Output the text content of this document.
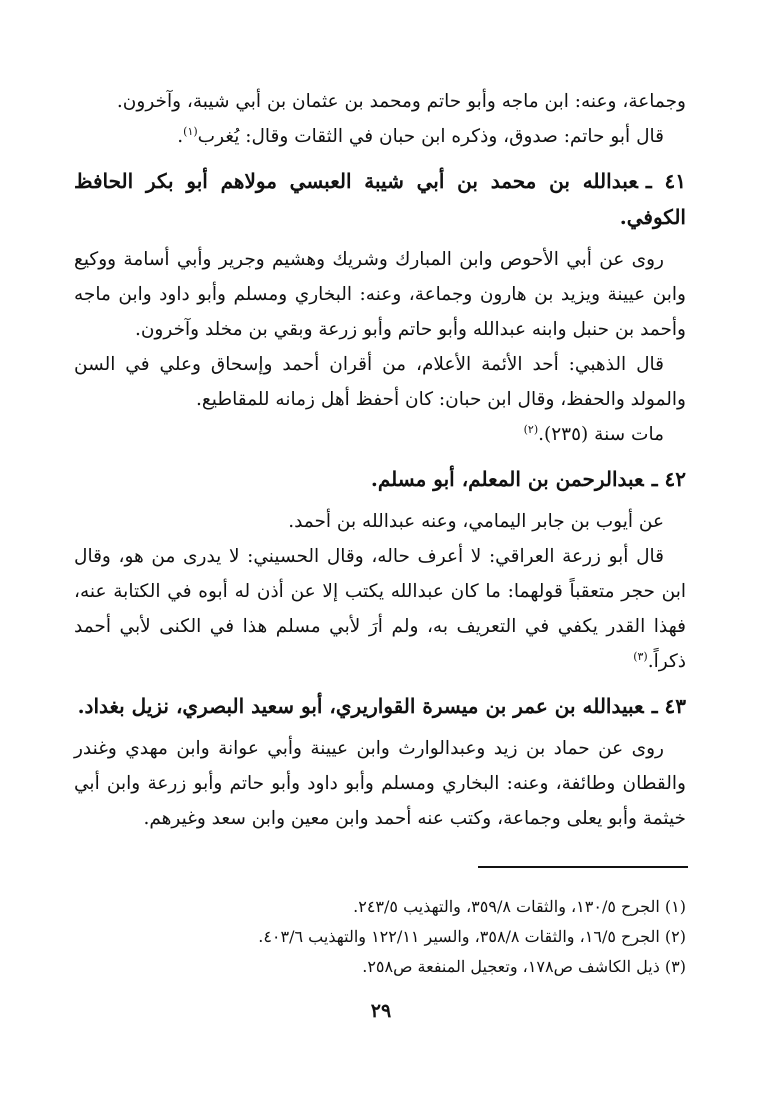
وجماعة، وعنه: ابن ماجه وأبو حاتم ومحمد بن عثمان بن أبي شيبة، وآخرون.

قال أبو حاتم: صدوق، وذكره ابن حبان في الثقات وقال: يُغرب$^{(١)}$.

٤١ ـعبدالله بن محمد بن أبي شيبة العبسي مولاهم أبو بكر الحافظ الكوفي.

روى عن أبي الأحوص وابن المبارك وشريك وهشيم وجرير وأبي أسامة ووكيع وابن عيينة ويزيد بن هارون وجماعة، وعنه: البخاري ومسلم وأبو داود وابن ماجه وأحمد بن حنبل وابنه عبدالله وأبو حاتم وأبو زرعة وبقي بن مخلد وآخرون.

قال الذهبي: أحد الأئمة الأعلام، من أقران أحمد وإسحاق وعلي في السن والمولد والحفظ، وقال ابن حبان: كان أحفظ أهل زمانه للمقاطيع.

مات سنة (٢٣٥).$^{(٢)}$

٤٢ ـعبدالرحمن بن المعلم، أبو مسلم.

عن أيوب بن جابر اليمامي، وعنه عبدالله بن أحمد.

قال أبو زرعة العراقي: لا أعرف حاله، وقال الحسيني: لا يدرى من هو، وقال ابن حجر متعقباً قولهما: ما كان عبدالله يكتب إلا عن أذن له أبوه في الكتابة عنه، فهذا القدر يكفي في التعريف به، ولم أرَ لأبي مسلم هذا في الكنى لأبي أحمد ذكراً.$^{(٣)}$

٤٣ ـعبيدالله بن عمر بن ميسرة القواريري، أبو سعيد البصري، نزيل بغداد.

روى عن حماد بن زيد وعبدالوارث وابن عيينة وأبي عوانة وابن مهدي وغندر والقطان وطائفة، وعنه: البخاري ومسلم وأبو داود وأبو حاتم وأبو زرعة وابن أبي خيثمة وأبو يعلى وجماعة، وكتب عنه أحمد وابن معين وابن سعد وغيرهم.

(١) الجرح ١٣٠/٥، والثقات ٣٥٩/٨، والتهذيب ٢٤٣/٥.
(٢) الجرح ١٦/٥، والثقات ٣٥٨/٨، والسير ١٢٢/١١ والتهذيب ٤٠٣/٦.
(٣) ذيل الكاشف ص١٧٨، وتعجيل المنفعة ص٢٥٨.
٢٩
